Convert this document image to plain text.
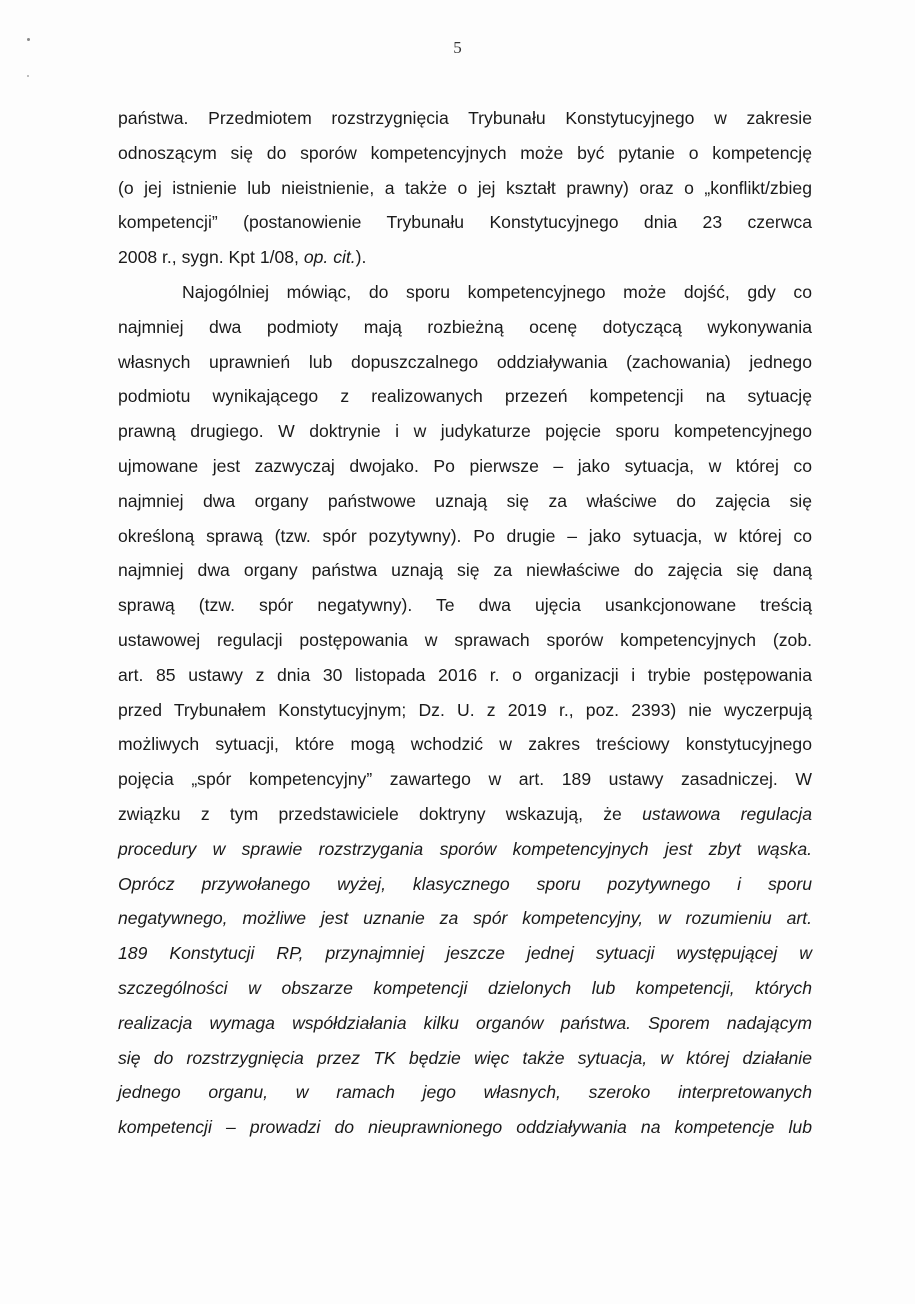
5
państwa. Przedmiotem rozstrzygnięcia Trybunału Konstytucyjnego w zakresie
odnoszącym się do sporów kompetencyjnych może być pytanie o kompetencję
(o jej istnienie lub nieistnienie, a także o jej kształt prawny) oraz o „konflikt/zbieg
kompetencji” (postanowienie Trybunału Konstytucyjnego dnia 23 czerwca
2008 r., sygn. Kpt 1/08, op. cit.).
Najogólniej mówiąc, do sporu kompetencyjnego może dojść, gdy co
najmniej dwa podmioty mają rozbieżną ocenę dotyczącą wykonywania
własnych uprawnień lub dopuszczalnego oddziaływania (zachowania) jednego
podmiotu wynikającego z realizowanych przezeń kompetencji na sytuację
prawną drugiego. W doktrynie i w judykaturze pojęcie sporu kompetencyjnego
ujmowane jest zazwyczaj dwojako. Po pierwsze – jako sytuacja, w której co
najmniej dwa organy państwowe uznają się za właściwe do zajęcia się
określoną sprawą (tzw. spór pozytywny). Po drugie – jako sytuacja, w której co
najmniej dwa organy państwa uznają się za niewłaściwe do zajęcia się daną
sprawą (tzw. spór negatywny). Te dwa ujęcia usankcjonowane treścią
ustawowej regulacji postępowania w sprawach sporów kompetencyjnych (zob.
art. 85 ustawy z dnia 30 listopada 2016 r. o organizacji i trybie postępowania
przed Trybunałem Konstytucyjnym; Dz. U. z 2019 r., poz. 2393) nie wyczerpują
możliwych sytuacji, które mogą wchodzić w zakres treściowy konstytucyjnego
pojęcia „spór kompetencyjny” zawartego w art. 189 ustawy zasadniczej. W
związku z tym przedstawiciele doktryny wskazują, że ustawowa regulacja
procedury w sprawie rozstrzygania sporów kompetencyjnych jest zbyt wąska.
Oprócz przywołanego wyżej, klasycznego sporu pozytywnego i sporu
negatywnego, możliwe jest uznanie za spór kompetencyjny, w rozumieniu art.
189 Konstytucji RP, przynajmniej jeszcze jednej sytuacji występującej w
szczególności w obszarze kompetencji dzielonych lub kompetencji, których
realizacja wymaga współdziałania kilku organów państwa. Sporem nadającym
się do rozstrzygnięcia przez TK będzie więc także sytuacja, w której działanie
jednego organu, w ramach jego własnych, szeroko interpretowanych
kompetencji – prowadzi do nieuprawnionego oddziaływania na kompetencje lub
